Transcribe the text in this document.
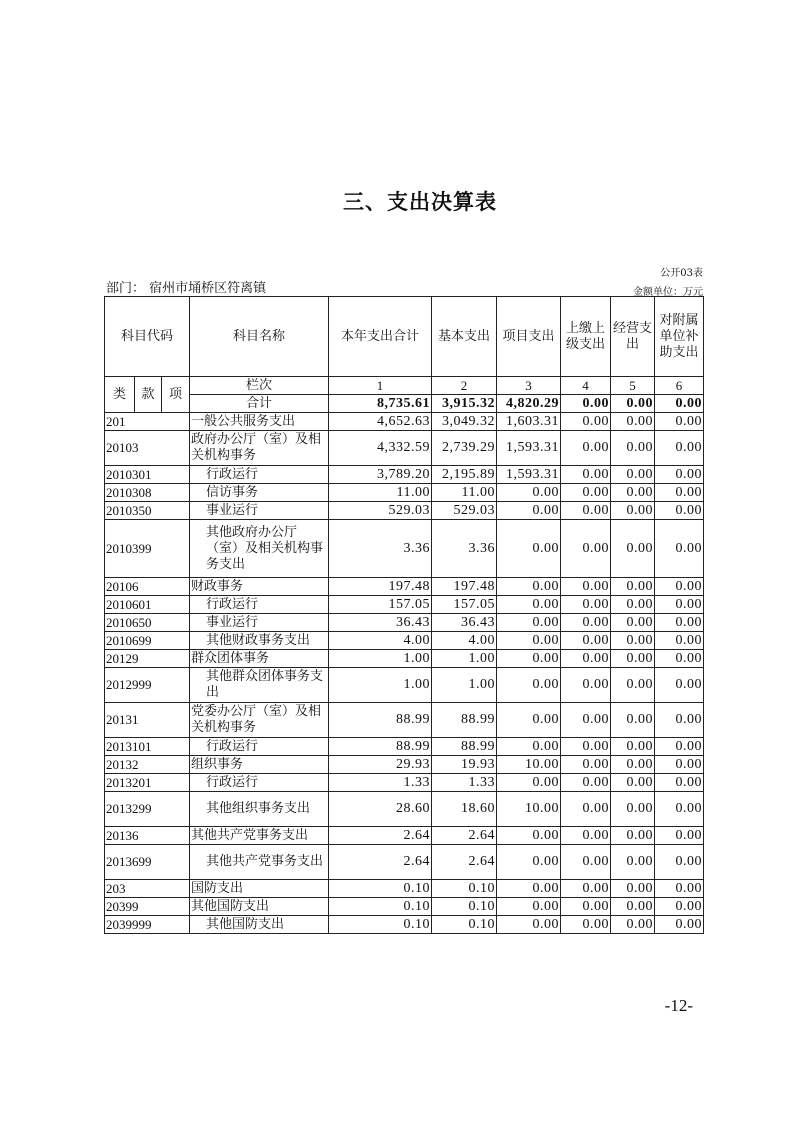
三、支出决算表
公开03表
部门： 宿州市埇桥区符离镇	金额单位：万元
科目代码			科目名称	本年支出合计	基本支出	项目支出	上缴上级支出	经营支出	对附属单位补助支出
类	款	项	栏次	1	2	3	4	5	6
			合计	8,735.61	3,915.32	4,820.29	0.00	0.00	0.00
201			一般公共服务支出	4,652.63	3,049.32	1,603.31	0.00	0.00	0.00
20103			政府办公厅（室）及相关机构事务	4,332.59	2,739.29	1,593.31	0.00	0.00	0.00
2010301			行政运行	3,789.20	2,195.89	1,593.31	0.00	0.00	0.00
2010308			信访事务	11.00	11.00	0.00	0.00	0.00	0.00
2010350			事业运行	529.03	529.03	0.00	0.00	0.00	0.00
2010399			其他政府办公厅（室）及相关机构事务支出	3.36	3.36	0.00	0.00	0.00	0.00
20106			财政事务	197.48	197.48	0.00	0.00	0.00	0.00
2010601			行政运行	157.05	157.05	0.00	0.00	0.00	0.00
2010650			事业运行	36.43	36.43	0.00	0.00	0.00	0.00
2010699			其他财政事务支出	4.00	4.00	0.00	0.00	0.00	0.00
20129			群众团体事务	1.00	1.00	0.00	0.00	0.00	0.00
2012999			其他群众团体事务支出	1.00	1.00	0.00	0.00	0.00	0.00
20131			党委办公厅（室）及相关机构事务	88.99	88.99	0.00	0.00	0.00	0.00
2013101			行政运行	88.99	88.99	0.00	0.00	0.00	0.00
20132			组织事务	29.93	19.93	10.00	0.00	0.00	0.00
2013201			行政运行	1.33	1.33	0.00	0.00	0.00	0.00
2013299			其他组织事务支出	28.60	18.60	10.00	0.00	0.00	0.00
20136			其他共产党事务支出	2.64	2.64	0.00	0.00	0.00	0.00
2013699			其他共产党事务支出	2.64	2.64	0.00	0.00	0.00	0.00
203			国防支出	0.10	0.10	0.00	0.00	0.00	0.00
20399			其他国防支出	0.10	0.10	0.00	0.00	0.00	0.00
2039999			其他国防支出	0.10	0.10	0.00	0.00	0.00	0.00
-12-
